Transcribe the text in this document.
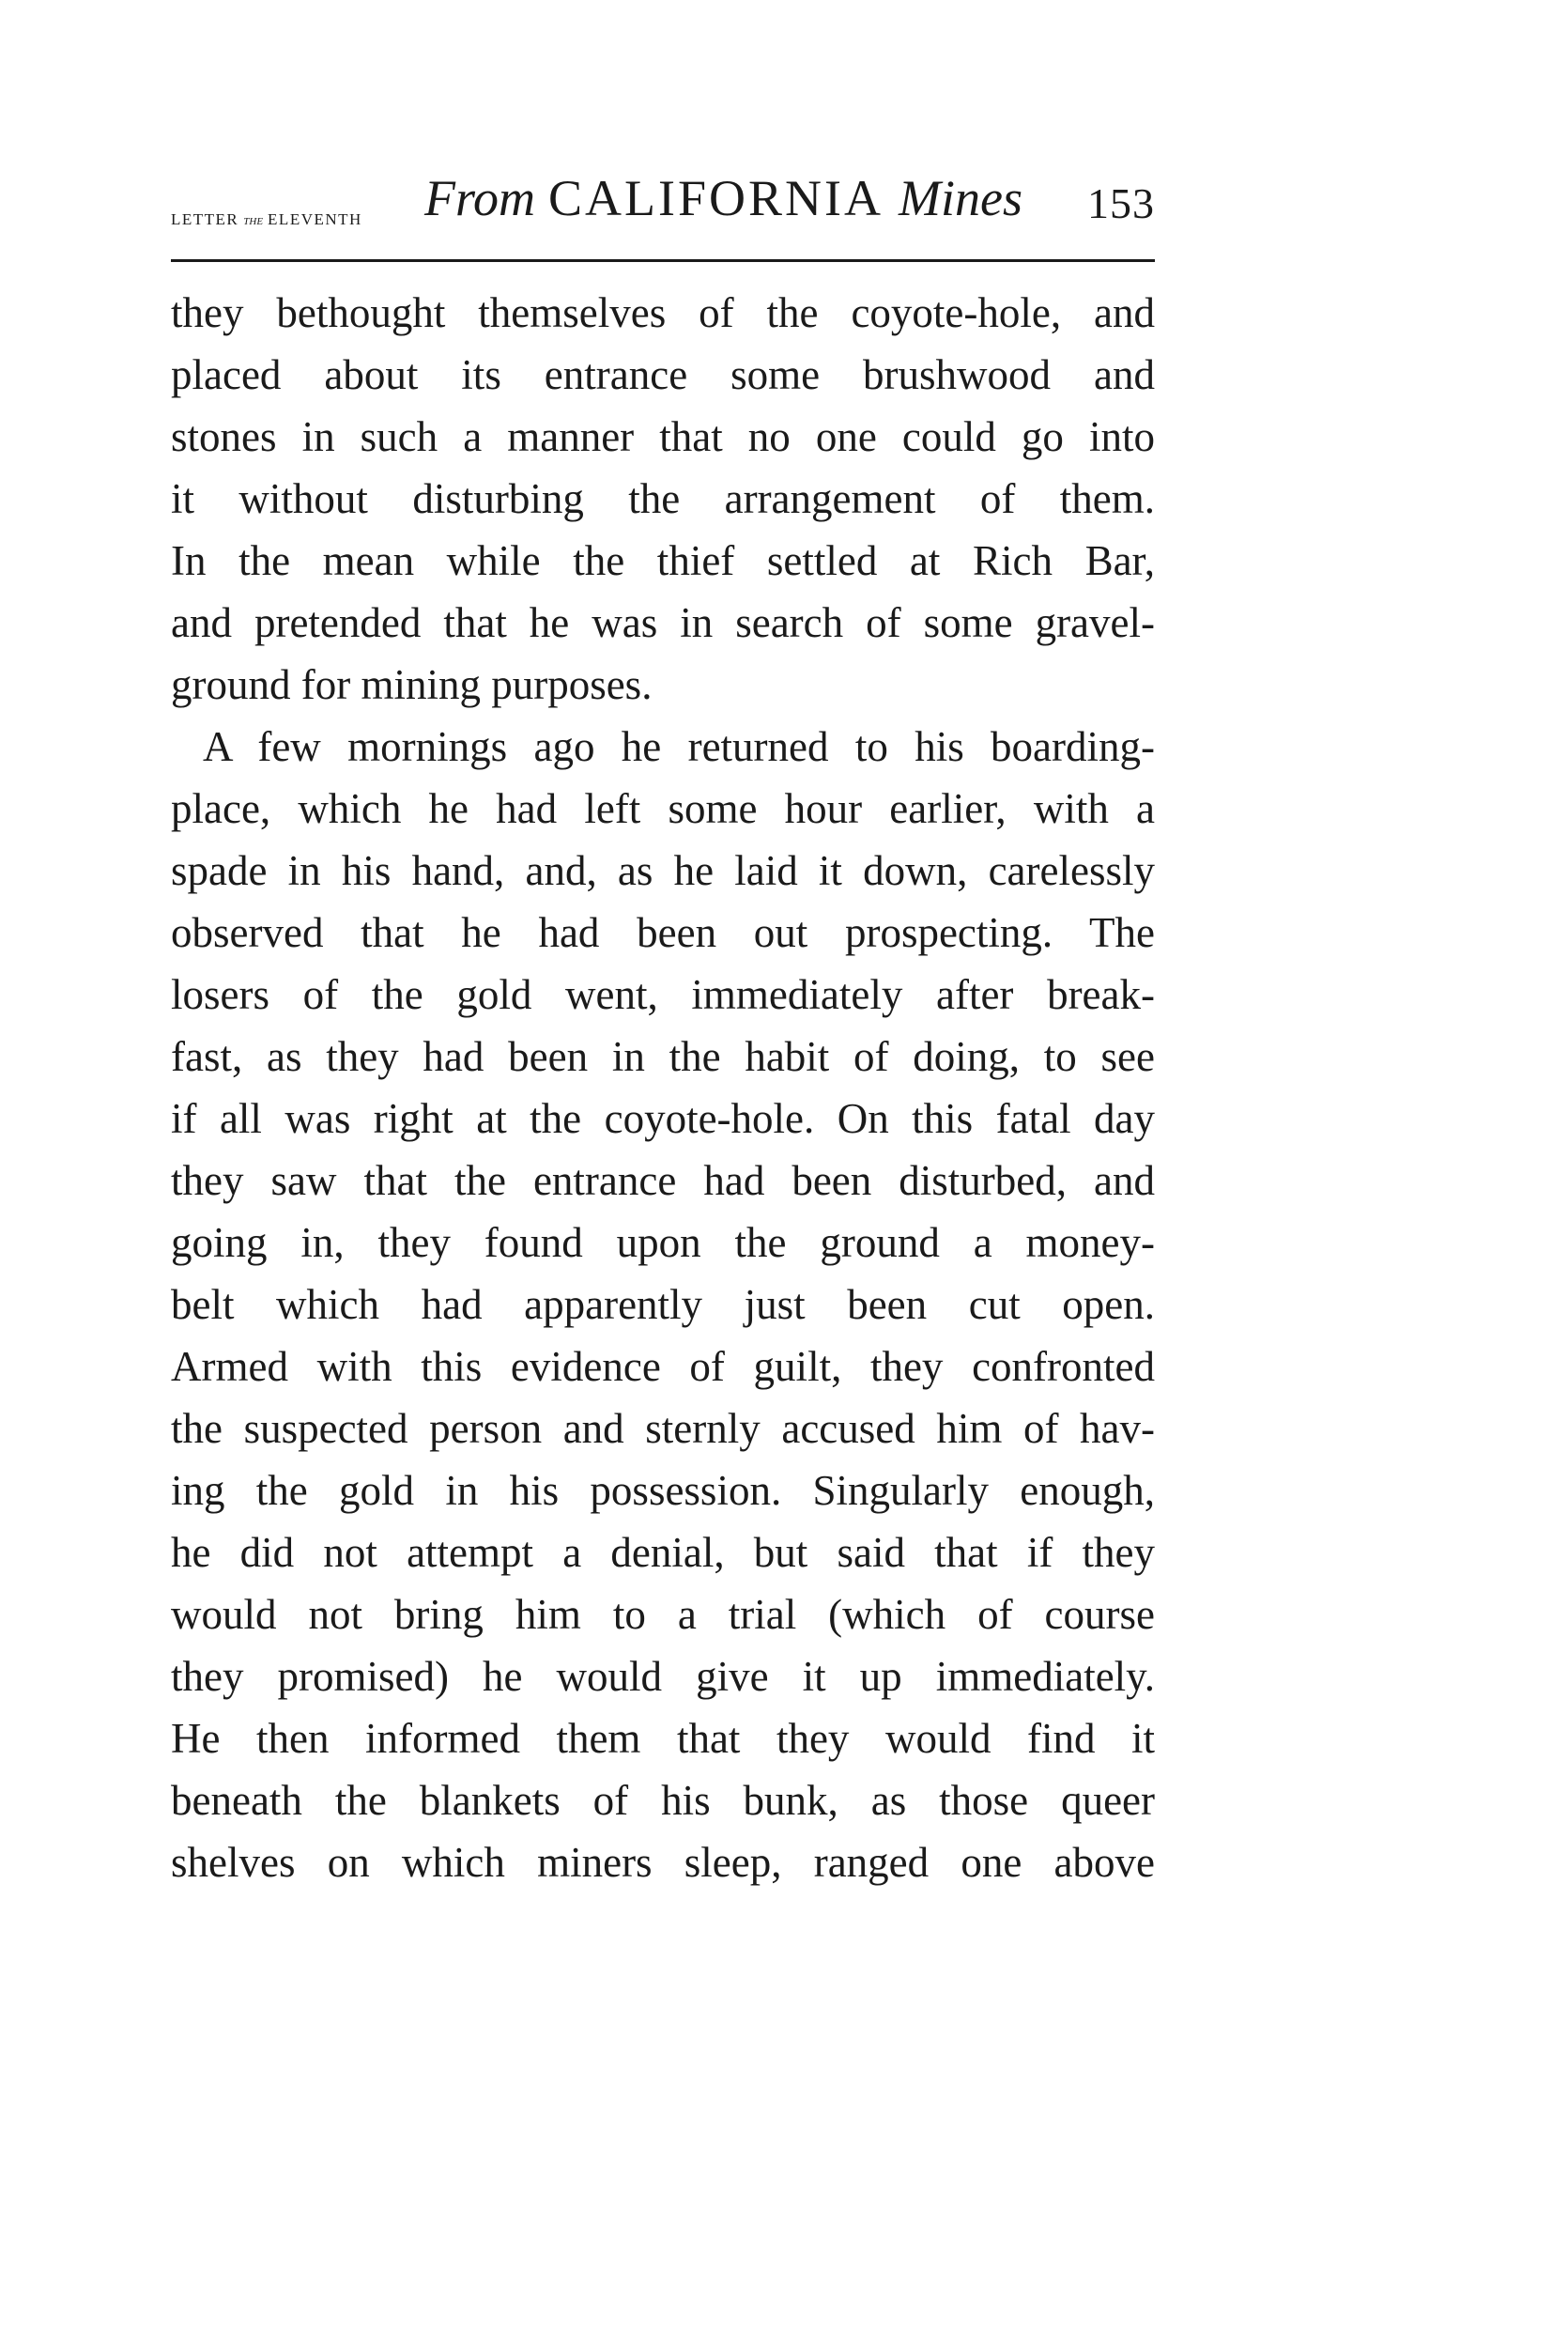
LETTER the ELEVENTH From CALIFORNIA Mines 153
they bethought themselves of the coyote-hole, and
placed about its entrance some brushwood and
stones in such a manner that no one could go into
it without disturbing the arrangement of them.
In the mean while the thief settled at Rich Bar,
and pretended that he was in search of some gravel-
ground for mining purposes.
A few mornings ago he returned to his boarding-
place, which he had left some hour earlier, with a
spade in his hand, and, as he laid it down, carelessly
observed that he had been out prospecting. The
losers of the gold went, immediately after break-
fast, as they had been in the habit of doing, to see
if all was right at the coyote-hole. On this fatal day
they saw that the entrance had been disturbed, and
going in, they found upon the ground a money-
belt which had apparently just been cut open.
Armed with this evidence of guilt, they confronted
the suspected person and sternly accused him of hav-
ing the gold in his possession. Singularly enough,
he did not attempt a denial, but said that if they
would not bring him to a trial (which of course
they promised) he would give it up immediately.
He then informed them that they would find it
beneath the blankets of his bunk, as those queer
shelves on which miners sleep, ranged one above
